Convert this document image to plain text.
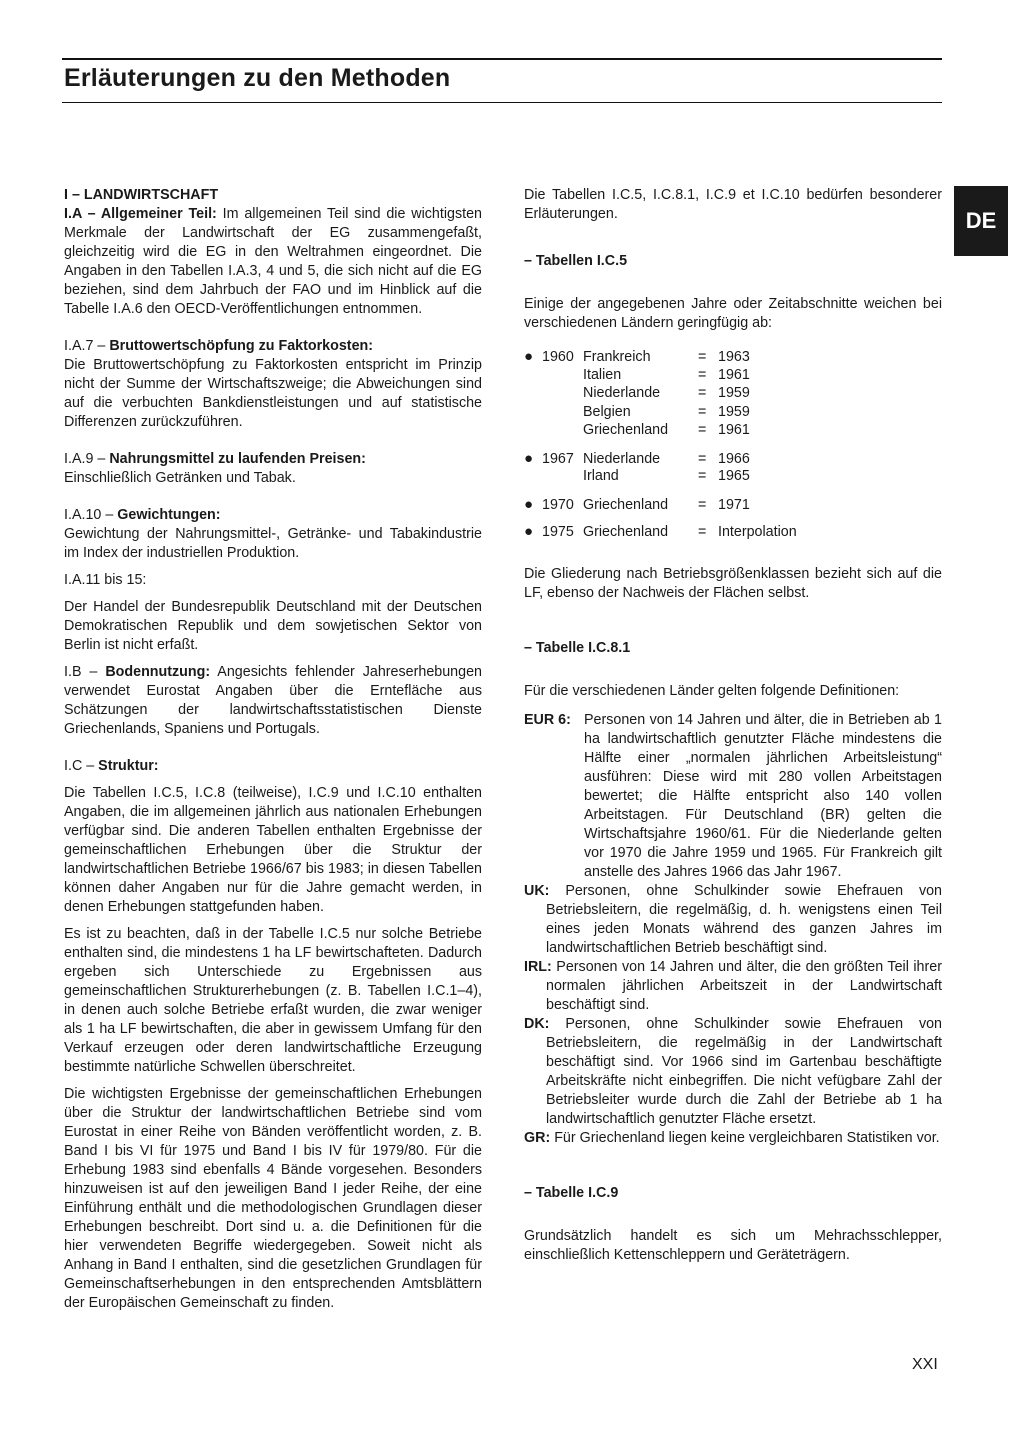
Erläuterungen zu den Methoden
DE

I – LANDWIRTSCHAFT

I.A – Allgemeiner Teil: Im allgemeinen Teil sind die wichtigsten Merkmale der Landwirtschaft der EG zusammengefaßt, gleichzeitig wird die EG in den Weltrahmen eingeordnet. Die Angaben in den Tabellen I.A.3, 4 und 5, die sich nicht auf die EG beziehen, sind dem Jahrbuch der FAO und im Hinblick auf die Tabelle I.A.6 den OECD-Veröffentlichungen entnommen.

I.A.7 – Bruttowertschöpfung zu Faktorkosten:

Die Bruttowertschöpfung zu Faktorkosten entspricht im Prinzip nicht der Summe der Wirtschaftszweige; die Abweichungen sind auf die verbuchten Bankdienstleistungen und auf statistische Differenzen zurückzuführen.

I.A.9 – Nahrungsmittel zu laufenden Preisen:

Einschließlich Getränken und Tabak.

I.A.10 – Gewichtungen:

Gewichtung der Nahrungsmittel-, Getränke- und Tabakindustrie im Index der industriellen Produktion.

I.A.11 bis 15:

Der Handel der Bundesrepublik Deutschland mit der Deutschen Demokratischen Republik und dem sowjetischen Sektor von Berlin ist nicht erfaßt.

I.B – Bodennutzung: Angesichts fehlender Jahreserhebungen verwendet Eurostat Angaben über die Erntefläche aus Schätzungen der landwirtschaftsstatistischen Dienste Griechenlands, Spaniens und Portugals.

I.C – Struktur:

Die Tabellen I.C.5, I.C.8 (teilweise), I.C.9 und I.C.10 enthalten Angaben, die im allgemeinen jährlich aus nationalen Erhebungen verfügbar sind. Die anderen Tabellen enthalten Ergebnisse der gemeinschaftlichen Erhebungen über die Struktur der landwirtschaftlichen Betriebe 1966/67 bis 1983; in diesen Tabellen können daher Angaben nur für die Jahre gemacht werden, in denen Erhebungen stattgefunden haben.

Es ist zu beachten, daß in der Tabelle I.C.5 nur solche Betriebe enthalten sind, die mindestens 1 ha LF bewirtschafteten. Dadurch ergeben sich Unterschiede zu Ergebnissen aus gemeinschaftlichen Strukturerhebungen (z. B. Tabellen I.C.1–4), in denen auch solche Betriebe erfaßt wurden, die zwar weniger als 1 ha LF bewirtschaften, die aber in gewissem Umfang für den Verkauf erzeugen oder deren landwirtschaftliche Erzeugung bestimmte natürliche Schwellen überschreitet.

Die wichtigsten Ergebnisse der gemeinschaftlichen Erhebungen über die Struktur der landwirtschaftlichen Betriebe sind vom Eurostat in einer Reihe von Bänden veröffentlicht worden, z. B. Band I bis VI für 1975 und Band I bis IV für 1979/80. Für die Erhebung 1983 sind ebenfalls 4 Bände vorgesehen. Besonders hinzuweisen ist auf den jeweiligen Band I jeder Reihe, der eine Einführung enthält und die methodologischen Grundlagen dieser Erhebungen beschreibt. Dort sind u. a. die Definitionen für die hier verwendeten Begriffe wiedergegeben. Soweit nicht als Anhang in Band I enthalten, sind die gesetzlichen Grundlagen für Gemeinschaftserhebungen in den entsprechenden Amtsblättern der Europäischen Gemeinschaft zu finden.

Die Tabellen I.C.5, I.C.8.1, I.C.9 et I.C.10 bedürfen besonderer Erläuterungen.

– Tabellen I.C.5

Einige der angegebenen Jahre oder Zeitabschnitte weichen bei verschiedenen Ländern geringfügig ab:

● 1960 Frankreich	= 1963
Italien	= 1961
Niederlande	= 1959
Belgien	= 1959
Griechenland	= 1961
● 1967 Niederlande	= 1966
Irland	= 1965
● 1970 Griechenland	= 1971
● 1975 Griechenland	= Interpolation

Die Gliederung nach Betriebsgrößenklassen bezieht sich auf die LF, ebenso der Nachweis der Flächen selbst.

– Tabelle I.C.8.1

Für die verschiedenen Länder gelten folgende Definitionen:

EUR 6: Personen von 14 Jahren und älter, die in Betrieben ab 1 ha landwirtschaftlich genutzter Fläche mindestens die Hälfte einer „normalen jährlichen Arbeitsleistung“ ausführen: Diese wird mit 280 vollen Arbeitstagen bewertet; die Hälfte entspricht also 140 vollen Arbeitstagen. Für Deutschland (BR) gelten die Wirtschaftsjahre 1960/61. Für die Niederlande gelten vor 1970 die Jahre 1959 und 1965. Für Frankreich gilt anstelle des Jahres 1966 das Jahr 1967.

UK: Personen, ohne Schulkinder sowie Ehefrauen von Betriebsleitern, die regelmäßig, d. h. wenigstens einen Teil eines jeden Monats während des ganzen Jahres im landwirtschaftlichen Betrieb beschäftigt sind.

IRL: Personen von 14 Jahren und älter, die den größten Teil ihrer normalen jährlichen Arbeitszeit in der Landwirtschaft beschäftigt sind.

DK: Personen, ohne Schulkinder sowie Ehefrauen von Betriebsleitern, die regelmäßig in der Landwirtschaft beschäftigt sind. Vor 1966 sind im Gartenbau beschäftigte Arbeitskräfte nicht einbegriffen. Die nicht vefügbare Zahl der Betriebsleiter wurde durch die Zahl der Betriebe ab 1 ha landwirtschaftlich genutzter Fläche ersetzt.

GR: Für Griechenland liegen keine vergleichbaren Statistiken vor.

– Tabelle I.C.9

Grundsätzlich handelt es sich um Mehrachsschlepper, einschließlich Kettenschleppern und Geräteträgern.

XXI
